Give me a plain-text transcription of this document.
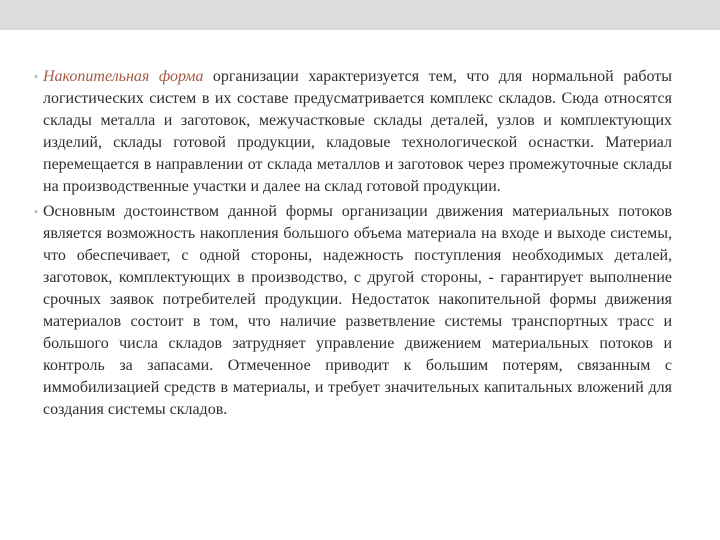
▪ Накопительная форма организации характеризуется тем, что для нормальной работы логистических систем в их составе предусматривается комплекс складов. Сюда относятся склады металла и заготовок, межучастковые склады деталей, узлов и комплектующих изделий, склады готовой продукции, кладовые технологической оснастки. Материал перемещается в направлении от склада металлов и заготовок через промежуточные склады на производственные участки и далее на склад готовой продукции.

▪ Основным достоинством данной формы организации движения материальных потоков является возможность накопления большого объема материала на входе и выходе системы, что обеспечивает, с одной стороны, надежность поступления необходимых деталей, заготовок, комплектующих в производство, с другой стороны, - гарантирует выполнение срочных заявок потребителей продукции. Недостаток накопительной формы движения материалов состоит в том, что наличие разветвление системы транспортных трасс и большого числа складов затрудняет управление движением материальных потоков и контроль за запасами. Отмеченное приводит к большим потерям, связанным с иммобилизацией средств в материалы, и требует значительных капитальных вложений для создания системы складов.
